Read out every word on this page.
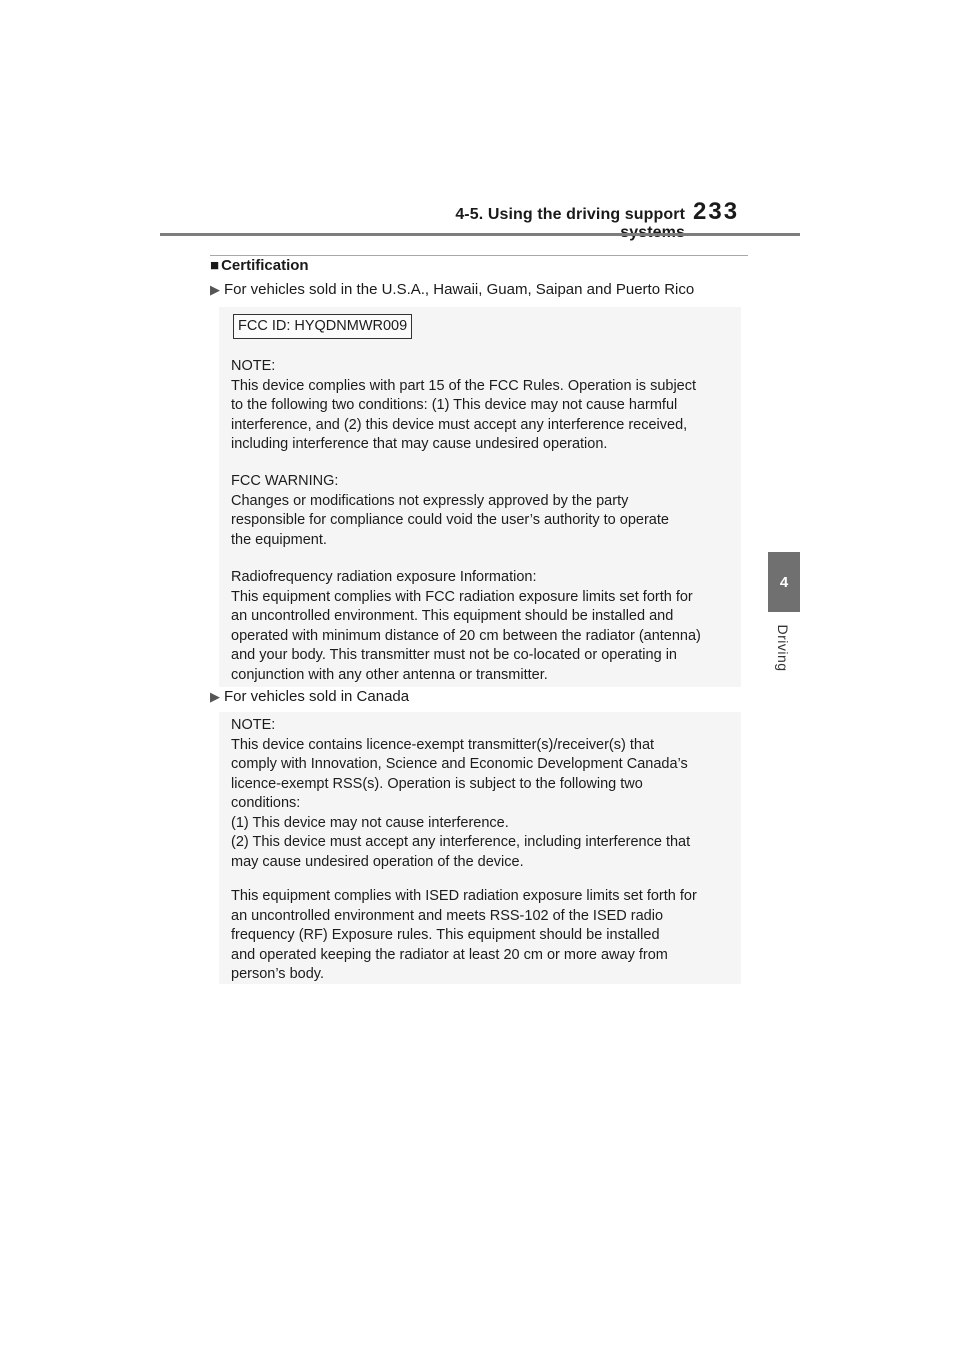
4-5. Using the driving support 233
4
Driving
■ Certification
▶ For vehicles sold in the U.S.A., Hawaii, Guam, Saipan and Puerto Rico
FCC ID: HYQDNMWR009
NOTE:
This device complies with part 15 of the FCC Rules. Operation is subject
to the following two conditions: (1) This device may not cause harmful
interference, and (2) this device must accept any interference received,
including interference that may cause undesired operation.
FCC WARNING:
Changes or modifications not expressly approved by the party
responsible for compliance could void the user’s authority to operate
the equipment.
Radiofrequency radiation exposure Information:
This equipment complies with FCC radiation exposure limits set forth for
an uncontrolled environment. This equipment should be installed and
operated with minimum distance of 20 cm between the radiator (antenna)
and your body. This transmitter must not be co-located or operating in
conjunction with any other antenna or transmitter.
▶ For vehicles sold in Canada
NOTE:
This device contains licence-exempt transmitter(s)/receiver(s) that
comply with Innovation, Science and Economic Development Canada’s
licence-exempt RSS(s). Operation is subject to the following two
conditions:
(1) This device may not cause interference.
(2) This device must accept any interference, including interference that
may cause undesired operation of the device.
This equipment complies with ISED radiation exposure limits set forth for
an uncontrolled environment and meets RSS-102 of the ISED radio
frequency (RF) Exposure rules. This equipment should be installed
and operated keeping the radiator at least 20 cm or more away from
person’s body.
